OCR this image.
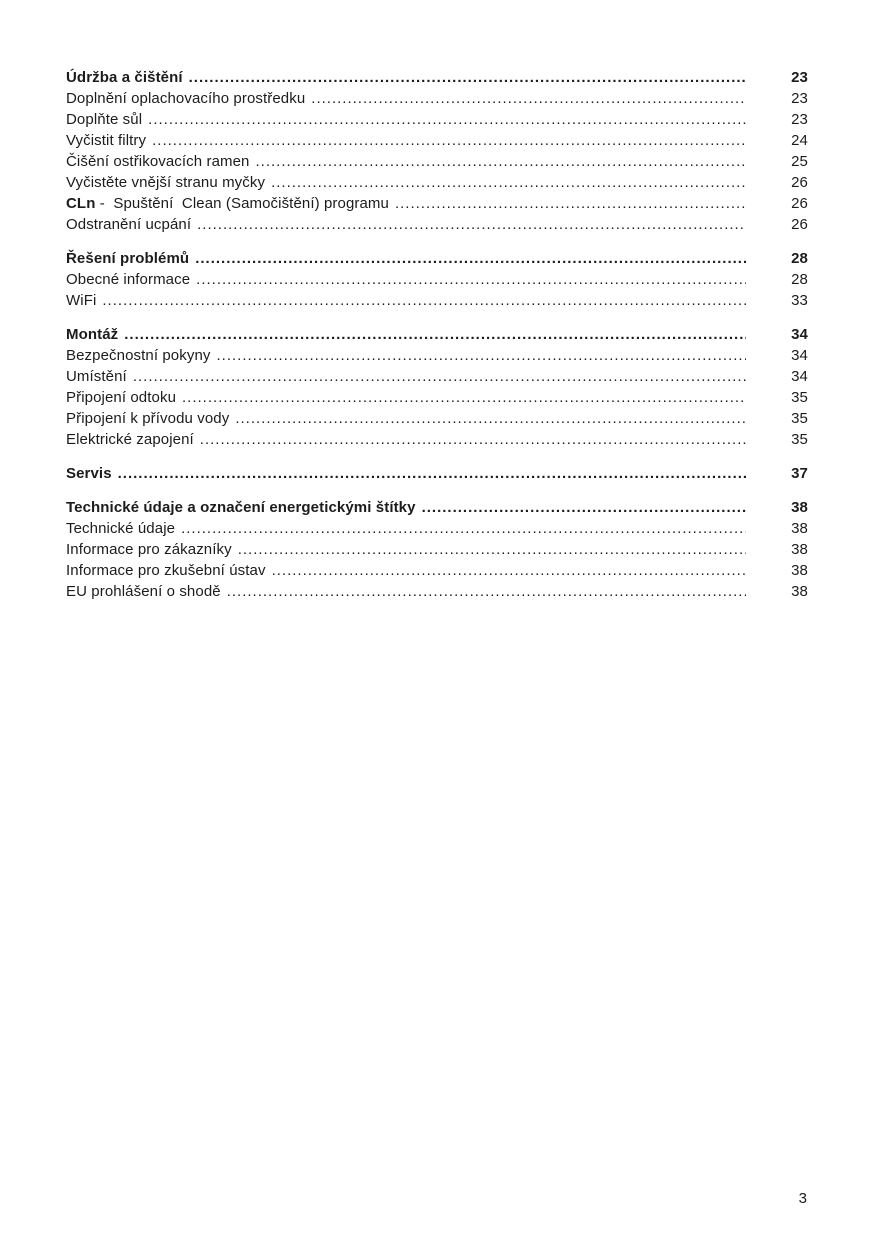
Údržba a čištění .....	23
Doplnění oplachovacího prostředku .....	23
Doplňte sůl .....	23
Vyčistit filtry .....	24
Čišění ostřikovacích ramen .....	25
Vyčistěte vnější stranu myčky .....	26
CLn -  Spuštění  Clean (Samočištění) programu .....	26
Odstranění ucpání .....	26
Řešení problémů .....	28
Obecné informace .....	28
WiFi .....	33
Montáž .....	34
Bezpečnostní pokyny .....	34
Umístění .....	34
Připojení odtoku .....	35
Připojení k přívodu vody .....	35
Elektrické zapojení .....	35
Servis .....	37
Technické údaje a označení energetickými štítky .....	38
Technické údaje .....	38
Informace pro zákazníky .....	38
Informace pro zkušební ústav .....	38
EU prohlášení o shodě .....	38
3
